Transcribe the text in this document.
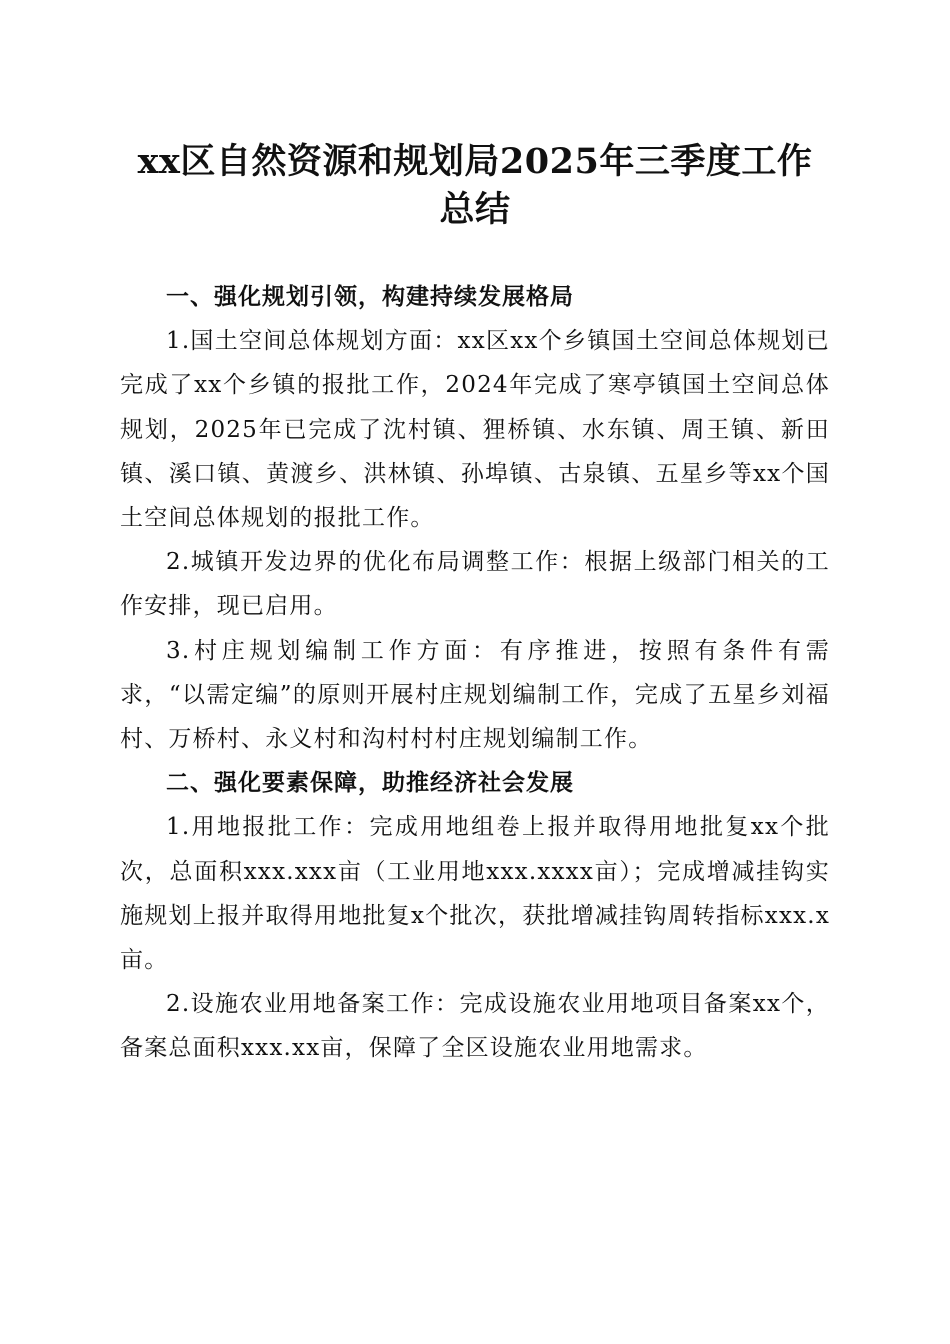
xx区自然资源和规划局2025年三季度工作总结
一、强化规划引领，构建持续发展格局

1.国土空间总体规划方面：xx区xx个乡镇国土空间总体规划已完成了xx个乡镇的报批工作，2024年完成了寒亭镇国土空间总体规划，2025年已完成了沈村镇、狸桥镇、水东镇、周王镇、新田镇、溪口镇、黄渡乡、洪林镇、孙埠镇、古泉镇、五星乡等xx个国土空间总体规划的报批工作。

2.城镇开发边界的优化布局调整工作：根据上级部门相关的工作安排，现已启用。

3.村庄规划编制工作方面：有序推进，按照有条件有需求，“以需定编”的原则开展村庄规划编制工作，完成了五星乡刘福村、万桥村、永义村和沟村村村庄规划编制工作。

二、强化要素保障，助推经济社会发展

1.用地报批工作：完成用地组卷上报并取得用地批复xx个批次，总面积xxx.xxx亩（工业用地xxx.xxxx亩）；完成增减挂钩实施规划上报并取得用地批复x个批次，获批增减挂钩周转指标xxx.x亩。

2.设施农业用地备案工作：完成设施农业用地项目备案xx个，备案总面积xxx.xx亩，保障了全区设施农业用地需求。
